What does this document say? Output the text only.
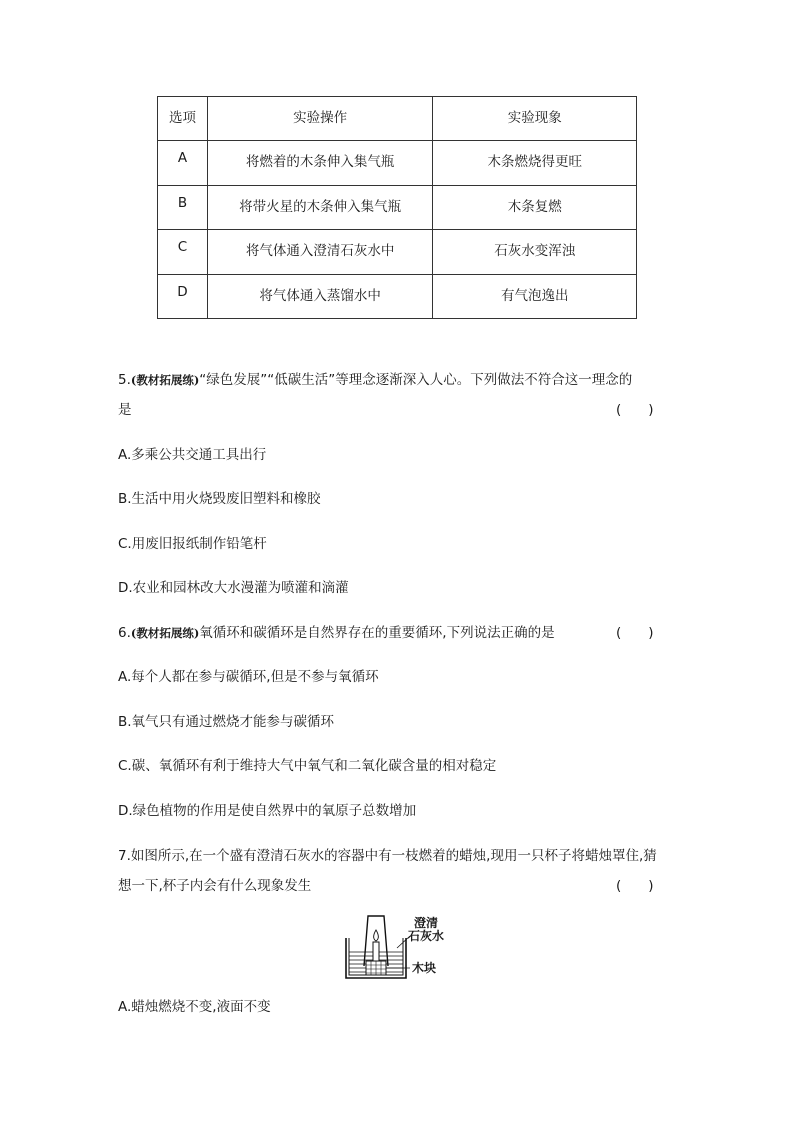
选项	实验操作	实验现象
A	将燃着的木条伸入集气瓶	木条燃烧得更旺
B	将带火星的木条伸入集气瓶	木条复燃
C	将气体通入澄清石灰水中	石灰水变浑浊
D	将气体通入蒸馏水中	有气泡逸出
5.(教材拓展练)“绿色发展”“低碳生活”等理念逐渐深入人心。下列做法不符合这一理念的
是	(　　)
A.多乘公共交通工具出行
B.生活中用火烧毁废旧塑料和橡胶
C.用废旧报纸制作铅笔杆
D.农业和园林改大水漫灌为喷灌和滴灌
6.(教材拓展练)氧循环和碳循环是自然界存在的重要循环,下列说法正确的是	(　　)
A.每个人都在参与碳循环,但是不参与氧循环
B.氧气只有通过燃烧才能参与碳循环
C.碳、氧循环有利于维持大气中氧气和二氧化碳含量的相对稳定
D.绿色植物的作用是使自然界中的氧原子总数增加
7.如图所示,在一个盛有澄清石灰水的容器中有一枝燃着的蜡烛,现用一只杯子将蜡烛罩住,猜
想一下,杯子内会有什么现象发生	(　　)
澄清
石灰水
木块
A.蜡烛燃烧不变,液面不变
